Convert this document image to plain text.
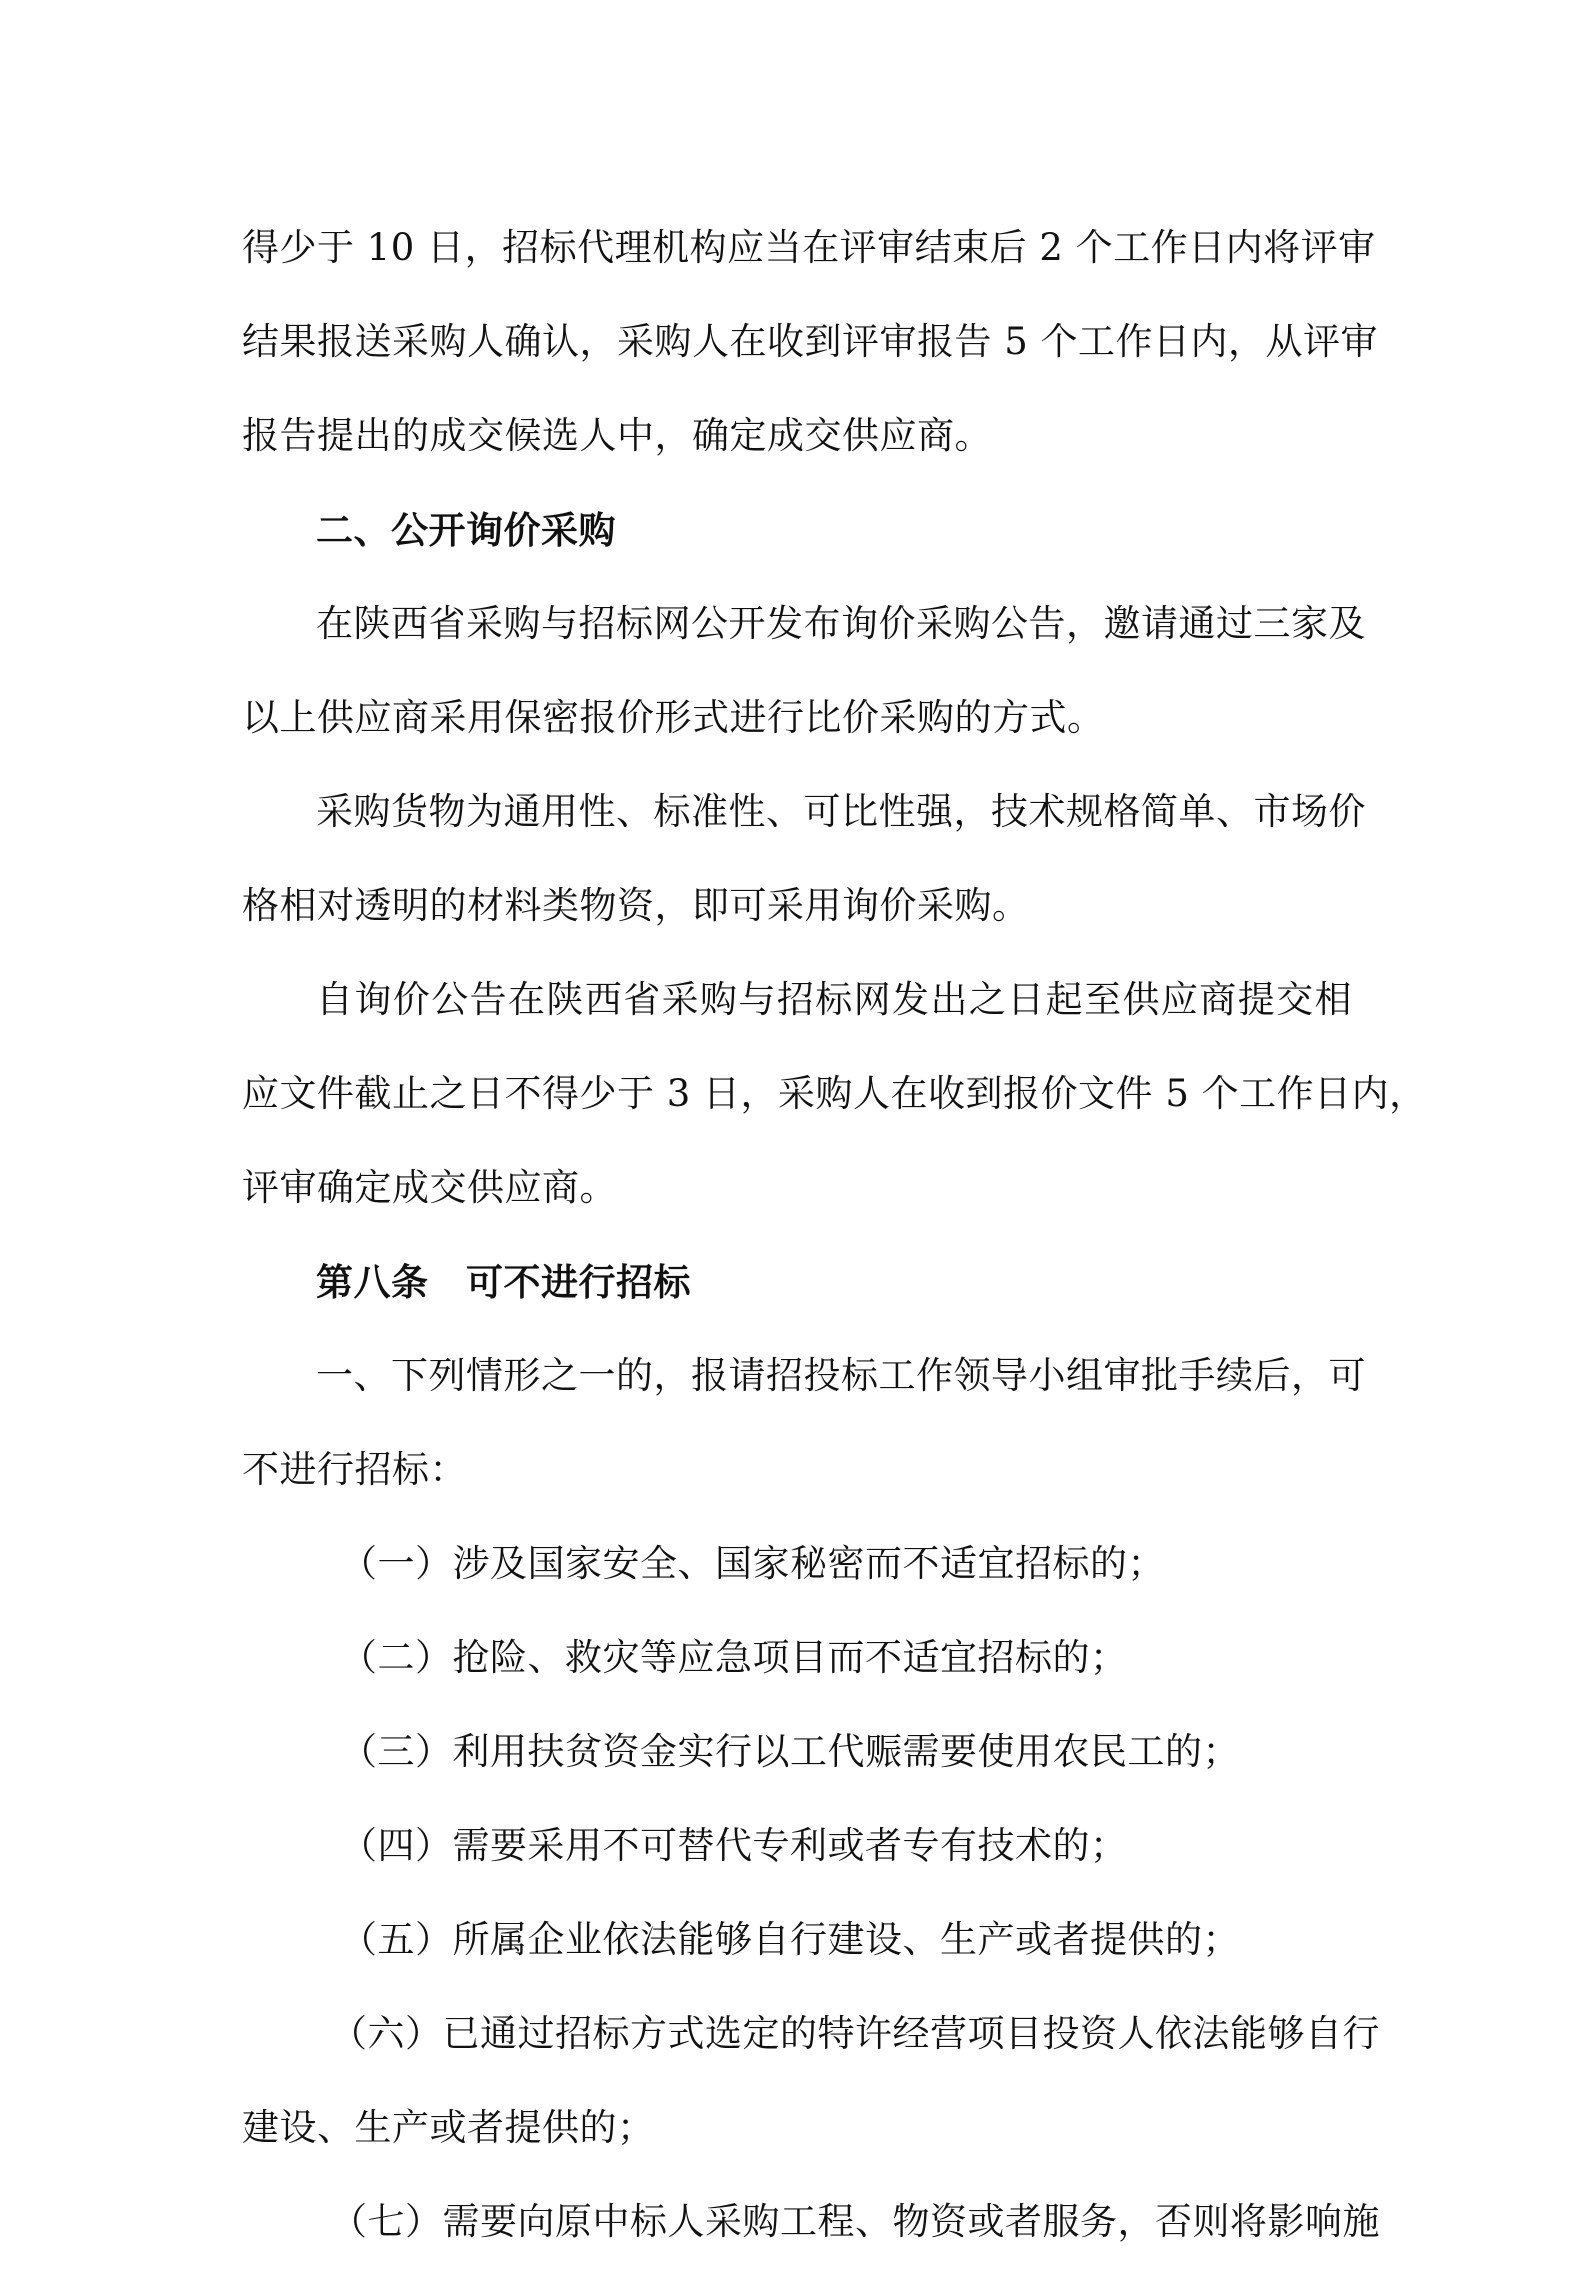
得少于 10 日，招标代理机构应当在评审结束后 2 个工作日内将评审
结果报送采购人确认，采购人在收到评审报告 5 个工作日内，从评审
报告提出的成交候选人中，确定成交供应商。
二、公开询价采购
在陕西省采购与招标网公开发布询价采购公告，邀请通过三家及
以上供应商采用保密报价形式进行比价采购的方式。
采购货物为通用性、标准性、可比性强，技术规格简单、市场价
格相对透明的材料类物资，即可采用询价采购。
自询价公告在陕西省采购与招标网发出之日起至供应商提交相
应文件截止之日不得少于 3 日，采购人在收到报价文件 5 个工作日内，
评审确定成交供应商。
第八条　可不进行招标
一、下列情形之一的，报请招投标工作领导小组审批手续后，可
不进行招标：
（一）涉及国家安全、国家秘密而不适宜招标的；
（二）抢险、救灾等应急项目而不适宜招标的；
（三）利用扶贫资金实行以工代赈需要使用农民工的；
（四）需要采用不可替代专利或者专有技术的；
（五）所属企业依法能够自行建设、生产或者提供的；
（六）已通过招标方式选定的特许经营项目投资人依法能够自行
建设、生产或者提供的；
（七）需要向原中标人采购工程、物资或者服务，否则将影响施
